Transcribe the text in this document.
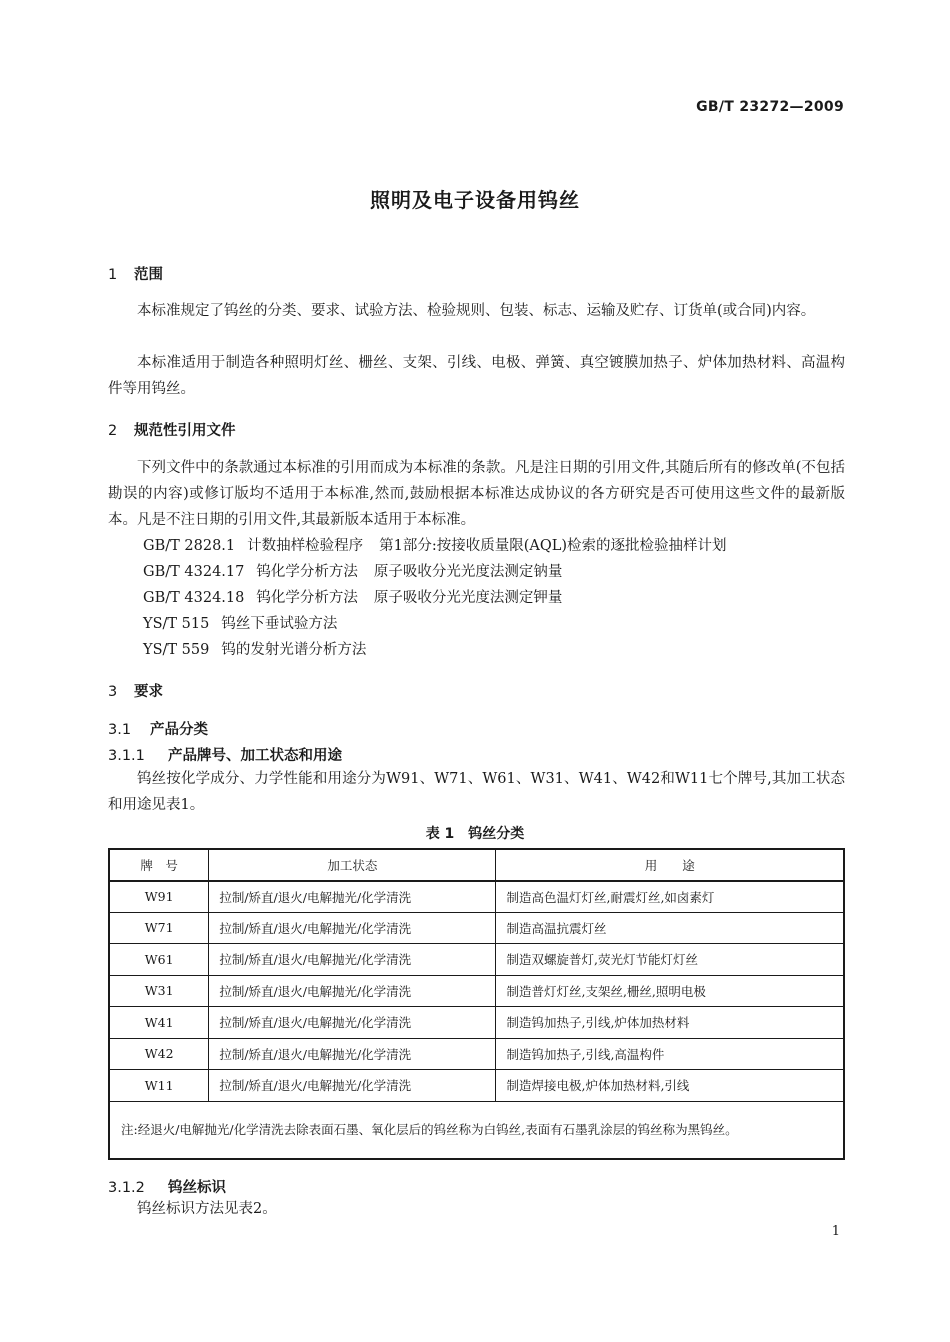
GB/T 23272—2009
照明及电子设备用钨丝
1 范围
本标准规定了钨丝的分类、要求、试验方法、检验规则、包装、标志、运输及贮存、订货单(或合同)内容。
本标准适用于制造各种照明灯丝、栅丝、支架、引线、电极、弹簧、真空镀膜加热子、炉体加热材料、高温构件等用钨丝。
2 规范性引用文件
下列文件中的条款通过本标准的引用而成为本标准的条款。凡是注日期的引用文件,其随后所有的修改单(不包括勘误的内容)或修订版均不适用于本标准,然而,鼓励根据本标准达成协议的各方研究是否可使用这些文件的最新版本。凡是不注日期的引用文件,其最新版本适用于本标准。
GB/T 2828.1 计数抽样检验程序 第1部分:按接收质量限(AQL)检索的逐批检验抽样计划
GB/T 4324.17 钨化学分析方法 原子吸收分光光度法测定钠量
GB/T 4324.18 钨化学分析方法 原子吸收分光光度法测定钾量
YS/T 515 钨丝下垂试验方法
YS/T 559 钨的发射光谱分析方法
3 要求
3.1 产品分类
3.1.1 产品牌号、加工状态和用途
钨丝按化学成分、力学性能和用途分为W91、W71、W61、W31、W41、W42和W11七个牌号,其加工状态和用途见表1。
表 1　钨丝分类
牌　号	加工状态	用　　途
W91	拉制/矫直/退火/电解抛光/化学清洗	制造高色温灯灯丝,耐震灯丝,如卤素灯
W71	拉制/矫直/退火/电解抛光/化学清洗	制造高温抗震灯丝
W61	拉制/矫直/退火/电解抛光/化学清洗	制造双螺旋普灯,荧光灯节能灯灯丝
W31	拉制/矫直/退火/电解抛光/化学清洗	制造普灯灯丝,支架丝,栅丝,照明电极
W41	拉制/矫直/退火/电解抛光/化学清洗	制造钨加热子,引线,炉体加热材料
W42	拉制/矫直/退火/电解抛光/化学清洗	制造钨加热子,引线,高温构件
W11	拉制/矫直/退火/电解抛光/化学清洗	制造焊接电极,炉体加热材料,引线
注:经退火/电解抛光/化学清洗去除表面石墨、氧化层后的钨丝称为白钨丝,表面有石墨乳涂层的钨丝称为黑钨丝。		
3.1.2 钨丝标识
钨丝标识方法见表2。
1
